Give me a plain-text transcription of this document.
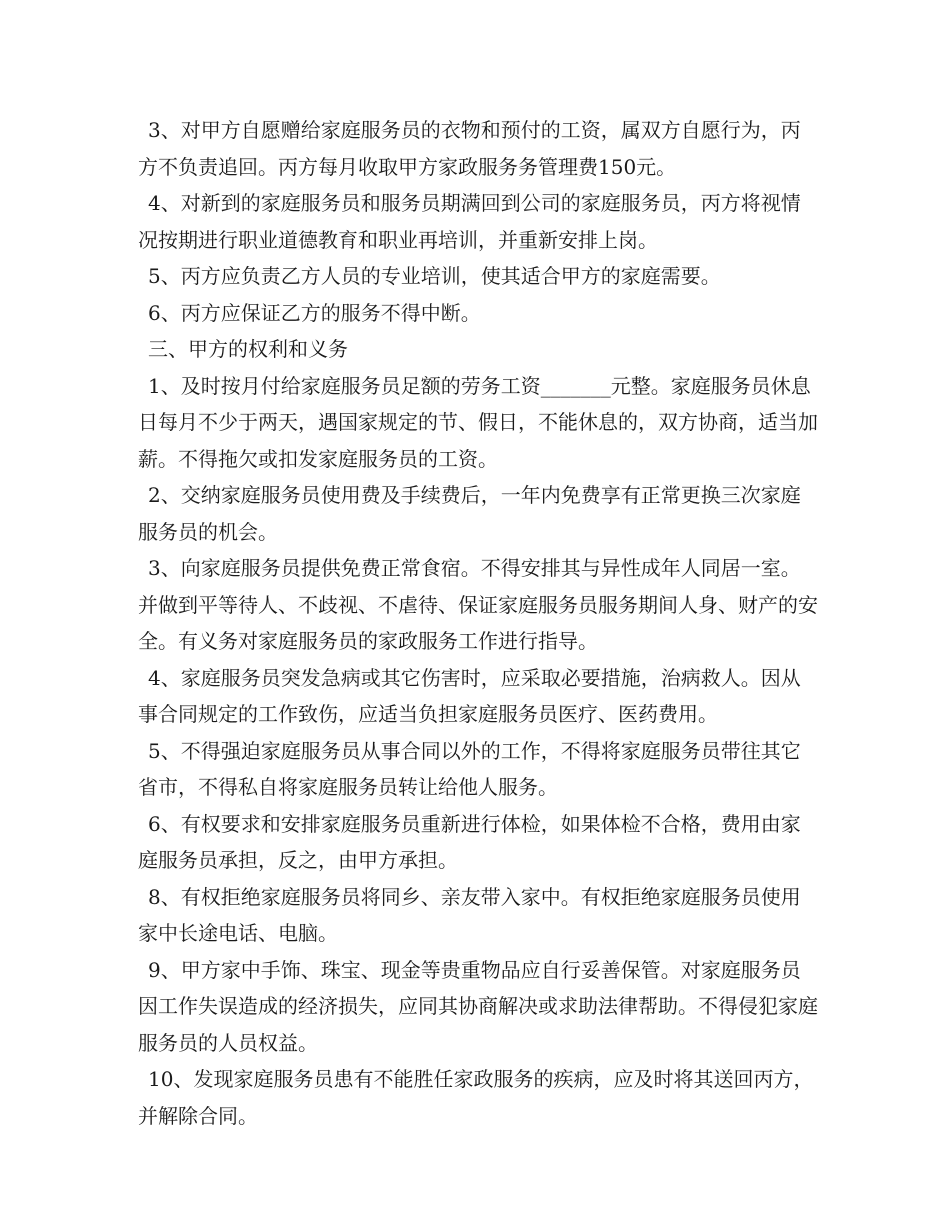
3、对甲方自愿赠给家庭服务员的衣物和预付的工资，属双方自愿行为，丙方不负责追回。丙方每月收取甲方家政服务务管理费150元。

4、对新到的家庭服务员和服务员期满回到公司的家庭服务员，丙方将视情况按期进行职业道德教育和职业再培训，并重新安排上岗。

5、丙方应负责乙方人员的专业培训，使其适合甲方的家庭需要。

6、丙方应保证乙方的服务不得中断。

三、甲方的权利和义务

1、及时按月付给家庭服务员足额的劳务工资_______元整。家庭服务员休息日每月不少于两天，遇国家规定的节、假日，不能休息的，双方协商，适当加薪。不得拖欠或扣发家庭服务员的工资。

2、交纳家庭服务员使用费及手续费后，一年内免费享有正常更换三次家庭服务员的机会。

3、向家庭服务员提供免费正常食宿。不得安排其与异性成年人同居一室。并做到平等待人、不歧视、不虐待、保证家庭服务员服务期间人身、财产的安全。有义务对家庭服务员的家政服务工作进行指导。

4、家庭服务员突发急病或其它伤害时，应采取必要措施，治病救人。因从事合同规定的工作致伤，应适当负担家庭服务员医疗、医药费用。

5、不得强迫家庭服务员从事合同以外的工作，不得将家庭服务员带往其它省市，不得私自将家庭服务员转让给他人服务。

6、有权要求和安排家庭服务员重新进行体检，如果体检不合格，费用由家庭服务员承担，反之，由甲方承担。

8、有权拒绝家庭服务员将同乡、亲友带入家中。有权拒绝家庭服务员使用家中长途电话、电脑。

9、甲方家中手饰、珠宝、现金等贵重物品应自行妥善保管。对家庭服务员因工作失误造成的经济损失，应同其协商解决或求助法律帮助。不得侵犯家庭服务员的人员权益。

10、发现家庭服务员患有不能胜任家政服务的疾病，应及时将其送回丙方，并解除合同。
